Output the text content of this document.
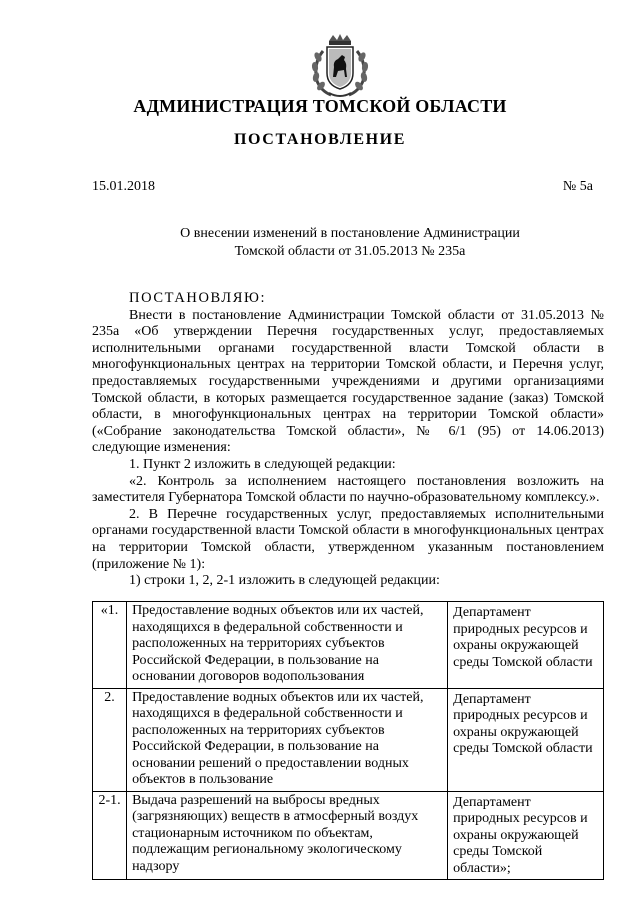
АДМИНИСТРАЦИЯ ТОМСКОЙ ОБЛАСТИ
ПОСТАНОВЛЕНИЕ
15.01.2018	№ 5а
О внесении изменений в постановление Администрации
Томской области от 31.05.2013 № 235а

ПОСТАНОВЛЯЮ:

Внести в постановление Администрации Томской области от 31.05.2013 № 235а «Об утверждении Перечня государственных услуг, предоставляемых исполнительными органами государственной власти Томской области в многофункциональных центрах на территории Томской области, и Перечня услуг, предоставляемых государственными учреждениями и другими организациями Томской области, в которых размещается государственное задание (заказ) Томской области, в многофункциональных центрах на территории Томской области» («Собрание законодательства Томской области», № 6/1 (95) от 14.06.2013) следующие изменения:

1. Пункт 2 изложить в следующей редакции:

«2. Контроль за исполнением настоящего постановления возложить на заместителя Губернатора Томской области по научно-образовательному комплексу.».

2. В Перечне государственных услуг, предоставляемых исполнительными органами государственной власти Томской области в многофункциональных центрах на территории Томской области, утвержденном указанным постановлением (приложение № 1):

1) строки 1, 2, 2-1 изложить в следующей редакции:

«1.	Предоставление водных объектов или их частей, находящихся в федеральной собственности и расположенных на территориях субъектов Российской Федерации, в пользование на основании договоров водопользования	Департамент природных ресурсов и охраны окружающей среды Томской области
2.	Предоставление водных объектов или их частей, находящихся в федеральной собственности и расположенных на территориях субъектов Российской Федерации, в пользование на основании решений о предоставлении водных объектов в пользование	Департамент природных ресурсов и охраны окружающей среды Томской области
2-1.	Выдача разрешений на выбросы вредных (загрязняющих) веществ в атмосферный воздух стационарным источником по объектам, подлежащим региональному экологическому надзору	Департамент природных ресурсов и охраны окружающей среды Томской области»;
